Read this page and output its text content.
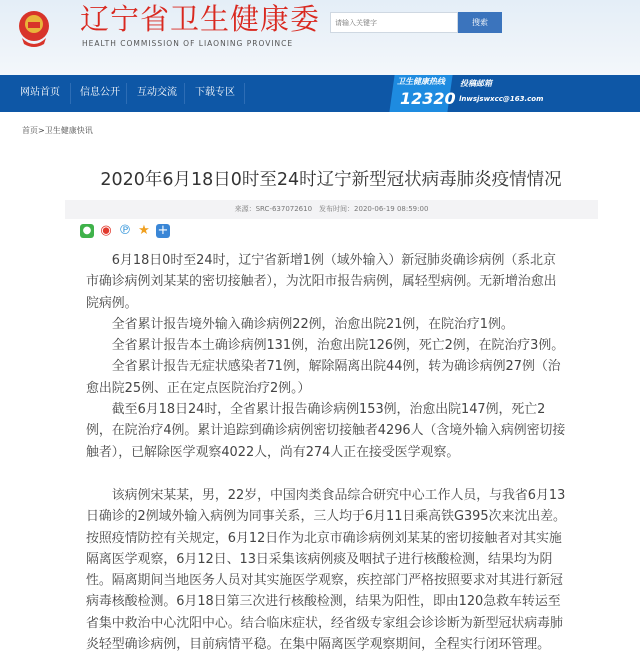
辽宁省卫生健康委
HEALTH COMMISSION OF LIAONING PROVINCE
请输入关键字
搜索
网站首页 信息公开 互动交流 下载专区
卫生健康热线
12320
投稿邮箱
lnwsjswxcc@163.com
首页>卫生健康快讯
2020年6月18日0时至24时辽宁新型冠状病毒肺炎疫情情况
来源：SRC-637072610　发布时间：2020-06-19 08:59:00
● ◉ ℗ ★ +

6月18日0时至24时，辽宁省新增1例（域外输入）新冠肺炎确诊病例（系北京市确诊病例刘某某的密切接触者），为沈阳市报告病例，属轻型病例。无新增治愈出院病例。

全省累计报告境外输入确诊病例22例，治愈出院21例，在院治疗1例。

全省累计报告本土确诊病例131例，治愈出院126例，死亡2例，在院治疗3例。

全省累计报告无症状感染者71例，解除隔离出院44例，转为确诊病例27例（治愈出院25例、正在定点医院治疗2例。）

截至6月18日24时，全省累计报告确诊病例153例，治愈出院147例，死亡2例，在院治疗4例。累计追踪到确诊病例密切接触者4296人（含境外输入病例密切接触者），已解除医学观察4022人，尚有274人正在接受医学观察。

该病例宋某某，男，22岁，中国肉类食品综合研究中心工作人员，与我省6月13日确诊的2例域外输入病例为同事关系，三人均于6月11日乘高铁G395次来沈出差。按照疫情防控有关规定，6月12日作为北京市确诊病例刘某某的密切接触者对其实施隔离医学观察，6月12日、13日采集该病例痰及咽拭子进行核酸检测，结果均为阴性。隔离期间当地医务人员对其实施医学观察，疾控部门严格按照要求对其进行新冠病毒核酸检测。6月18日第三次进行核酸检测，结果为阳性，即由120急救车转运至省集中救治中心沈阳中心。结合临床症状，经省级专家组会诊诊断为新型冠状病毒肺炎轻型确诊病例，目前病情平稳。在集中隔离医学观察期间，全程实行闭环管理。
